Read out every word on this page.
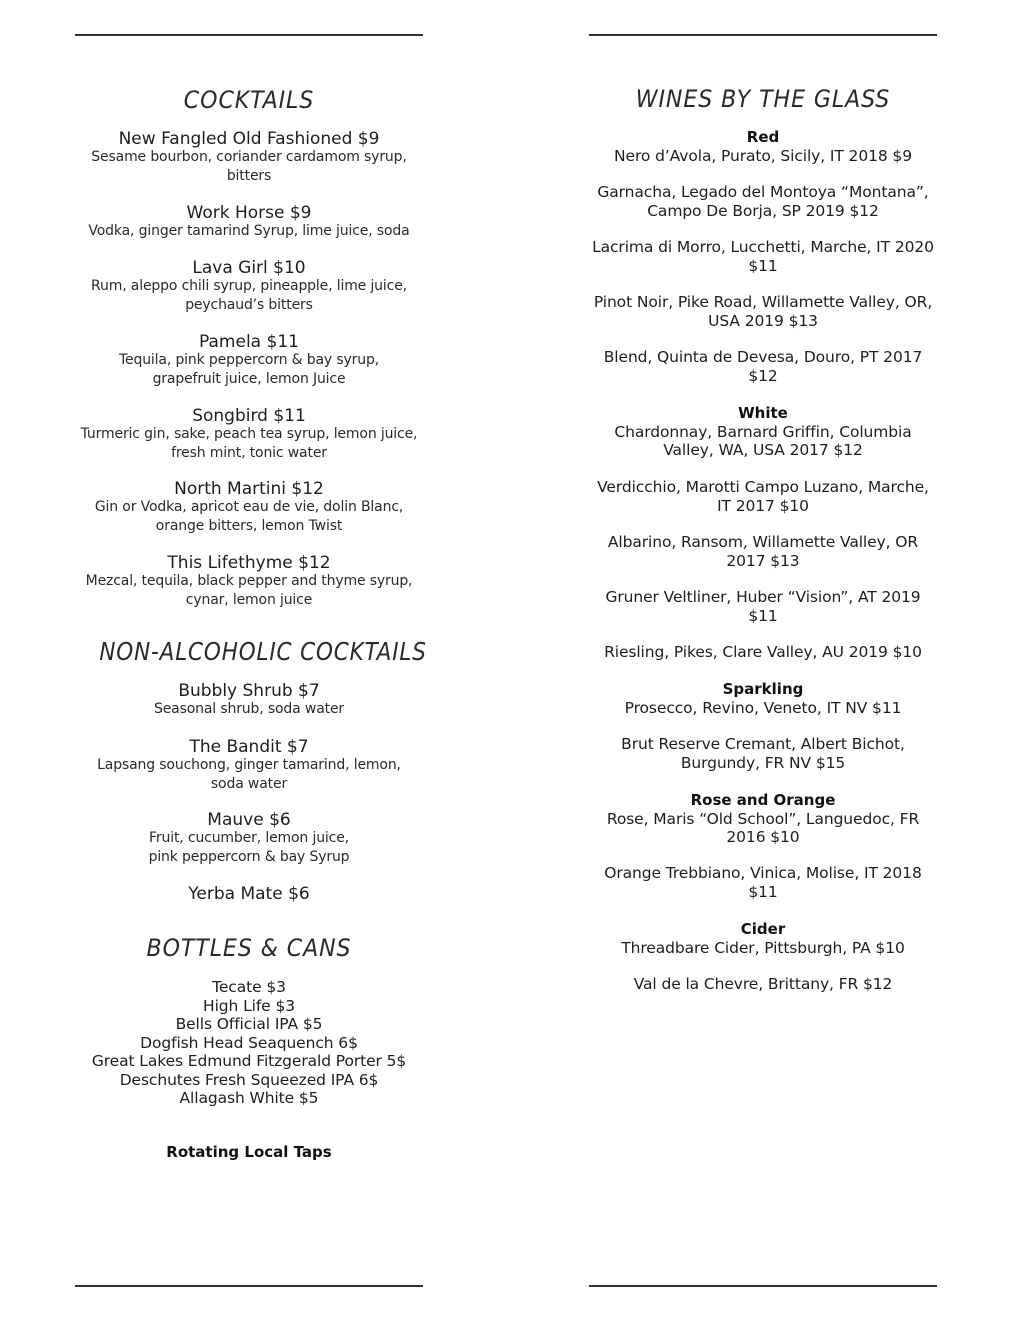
COCKTAILS
New Fangled Old Fashioned $9
Sesame bourbon, coriander cardamom syrup,
bitters
Work Horse $9
Vodka, ginger tamarind Syrup, lime juice, soda
Lava Girl $10
Rum, aleppo chili syrup, pineapple, lime juice,
peychaud’s bitters
Pamela $11
Tequila, pink peppercorn & bay syrup,
grapefruit juice, lemon Juice
Songbird $11
Turmeric gin, sake, peach tea syrup, lemon juice,
fresh mint, tonic water
North Martini $12
Gin or Vodka, apricot eau de vie, dolin Blanc,
orange bitters, lemon Twist
This Lifethyme $12
Mezcal, tequila, black pepper and thyme syrup,
cynar, lemon juice
NON-ALCOHOLIC COCKTAILS
Bubbly Shrub $7
Seasonal shrub, soda water
The Bandit $7
Lapsang souchong, ginger tamarind, lemon,
soda water
Mauve $6
Fruit, cucumber, lemon juice,
pink peppercorn & bay Syrup
Yerba Mate $6
BOTTLES & CANS
Tecate $3
High Life $3
Bells Official IPA $5
Dogfish Head Seaquench 6$
Great Lakes Edmund Fitzgerald Porter 5$
Deschutes Fresh Squeezed IPA 6$
Allagash White $5
Rotating Local Taps
WINES BY THE GLASS
Red
Nero d’Avola, Purato, Sicily, IT 2018 $9
Garnacha, Legado del Montoya “Montana”,
Campo De Borja, SP 2019 $12
Lacrima di Morro, Lucchetti, Marche, IT 2020
$11
Pinot Noir, Pike Road, Willamette Valley, OR,
USA 2019 $13
Blend, Quinta de Devesa, Douro, PT 2017
$12
White
Chardonnay, Barnard Griffin, Columbia
Valley, WA, USA 2017 $12
Verdicchio, Marotti Campo Luzano, Marche,
IT 2017 $10
Albarino, Ransom, Willamette Valley, OR
2017 $13
Gruner Veltliner, Huber “Vision”, AT 2019
$11
Riesling, Pikes, Clare Valley, AU 2019 $10
Sparkling
Prosecco, Revino, Veneto, IT NV $11
Brut Reserve Cremant, Albert Bichot,
Burgundy, FR NV $15
Rose and Orange
Rose, Maris “Old School”, Languedoc, FR
2016 $10
Orange Trebbiano, Vinica, Molise, IT 2018
$11
Cider
Threadbare Cider, Pittsburgh, PA $10
Val de la Chevre, Brittany, FR $12
